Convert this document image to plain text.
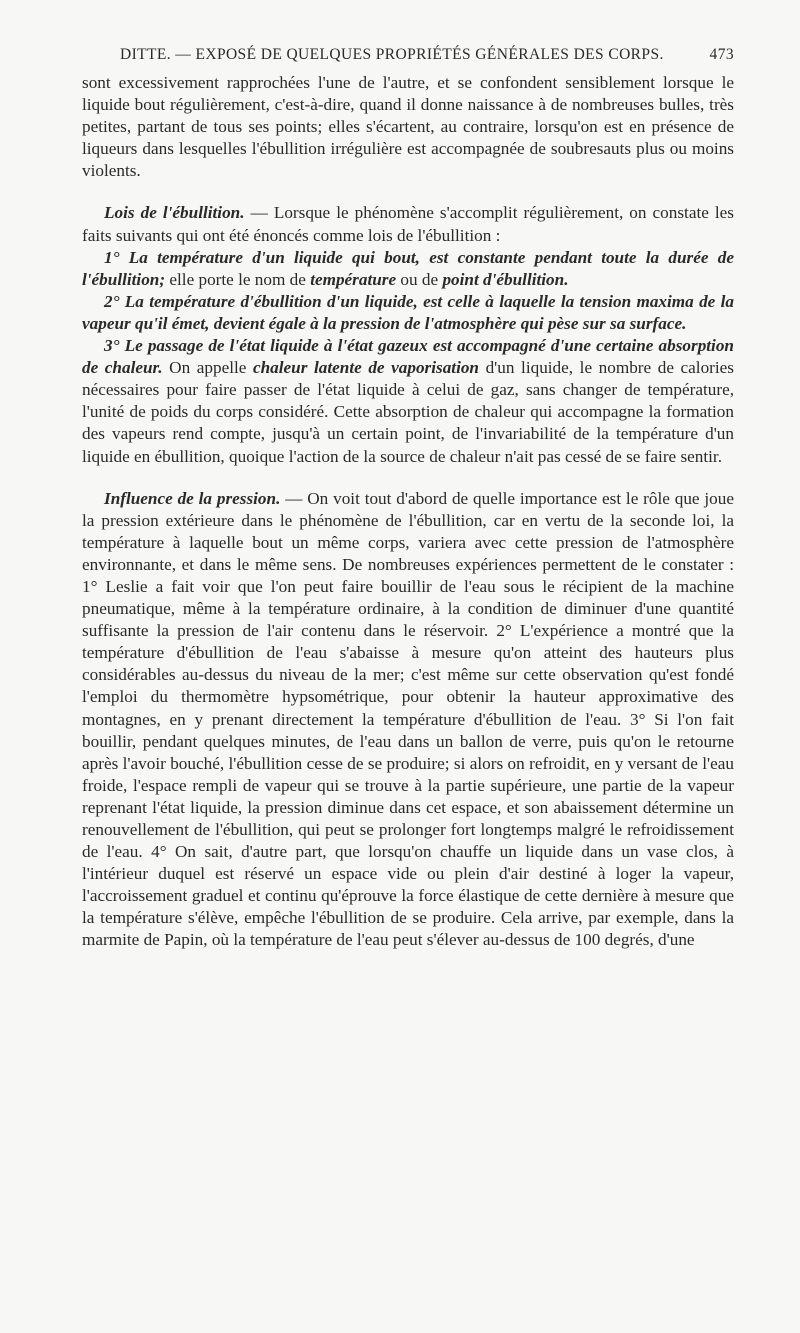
DITTE. — EXPOSÉ DE QUELQUES PROPRIÉTÉS GÉNÉRALES DES CORPS.	473

sont excessivement rapprochées l'une de l'autre, et se confondent sensiblement lorsque le liquide bout régulièrement, c'est-à-dire, quand il donne naissance à de nombreuses bulles, très petites, partant de tous ses points; elles s'écartent, au contraire, lorsqu'on est en présence de liqueurs dans lesquelles l'ébullition irrégulière est accompagnée de soubresauts plus ou moins violents.

Lois de l'ébullition. — Lorsque le phénomène s'accomplit régulièrement, on constate les faits suivants qui ont été énoncés comme lois de l'ébullition :

1° La température d'un liquide qui bout, est constante pendant toute la durée de l'ébullition; elle porte le nom de température ou de point d'ébullition.

2° La température d'ébullition d'un liquide, est celle à laquelle la tension maxima de la vapeur qu'il émet, devient égale à la pression de l'atmosphère qui pèse sur sa surface.

3° Le passage de l'état liquide à l'état gazeux est accompagné d'une certaine absorption de chaleur. On appelle chaleur latente de vaporisation d'un liquide, le nombre de calories nécessaires pour faire passer de l'état liquide à celui de gaz, sans changer de température, l'unité de poids du corps considéré. Cette absorption de chaleur qui accompagne la formation des vapeurs rend compte, jusqu'à un certain point, de l'invariabilité de la température d'un liquide en ébullition, quoique l'action de la source de chaleur n'ait pas cessé de se faire sentir.

Influence de la pression. — On voit tout d'abord de quelle importance est le rôle que joue la pression extérieure dans le phénomène de l'ébullition, car en vertu de la seconde loi, la température à laquelle bout un même corps, variera avec cette pression de l'atmosphère environnante, et dans le même sens. De nombreuses expériences permettent de le constater : 1° Leslie a fait voir que l'on peut faire bouillir de l'eau sous le récipient de la machine pneumatique, même à la température ordinaire, à la condition de diminuer d'une quantité suffisante la pression de l'air contenu dans le réservoir. 2° L'expérience a montré que la température d'ébullition de l'eau s'abaisse à mesure qu'on atteint des hauteurs plus considérables au-dessus du niveau de la mer; c'est même sur cette observation qu'est fondé l'emploi du thermomètre hypsométrique, pour obtenir la hauteur approximative des montagnes, en y prenant directement la température d'ébullition de l'eau. 3° Si l'on fait bouillir, pendant quelques minutes, de l'eau dans un ballon de verre, puis qu'on le retourne après l'avoir bouché, l'ébullition cesse de se produire; si alors on refroidit, en y versant de l'eau froide, l'espace rempli de vapeur qui se trouve à la partie supérieure, une partie de la vapeur reprenant l'état liquide, la pression diminue dans cet espace, et son abaissement détermine un renouvellement de l'ébullition, qui peut se prolonger fort longtemps malgré le refroidissement de l'eau. 4° On sait, d'autre part, que lorsqu'on chauffe un liquide dans un vase clos, à l'intérieur duquel est réservé un espace vide ou plein d'air destiné à loger la vapeur, l'accroissement graduel et continu qu'éprouve la force élastique de cette dernière à mesure que la température s'élève, empêche l'ébullition de se produire. Cela arrive, par exemple, dans la marmite de Papin, où la température de l'eau peut s'élever au-dessus de 100 degrés, d'une
